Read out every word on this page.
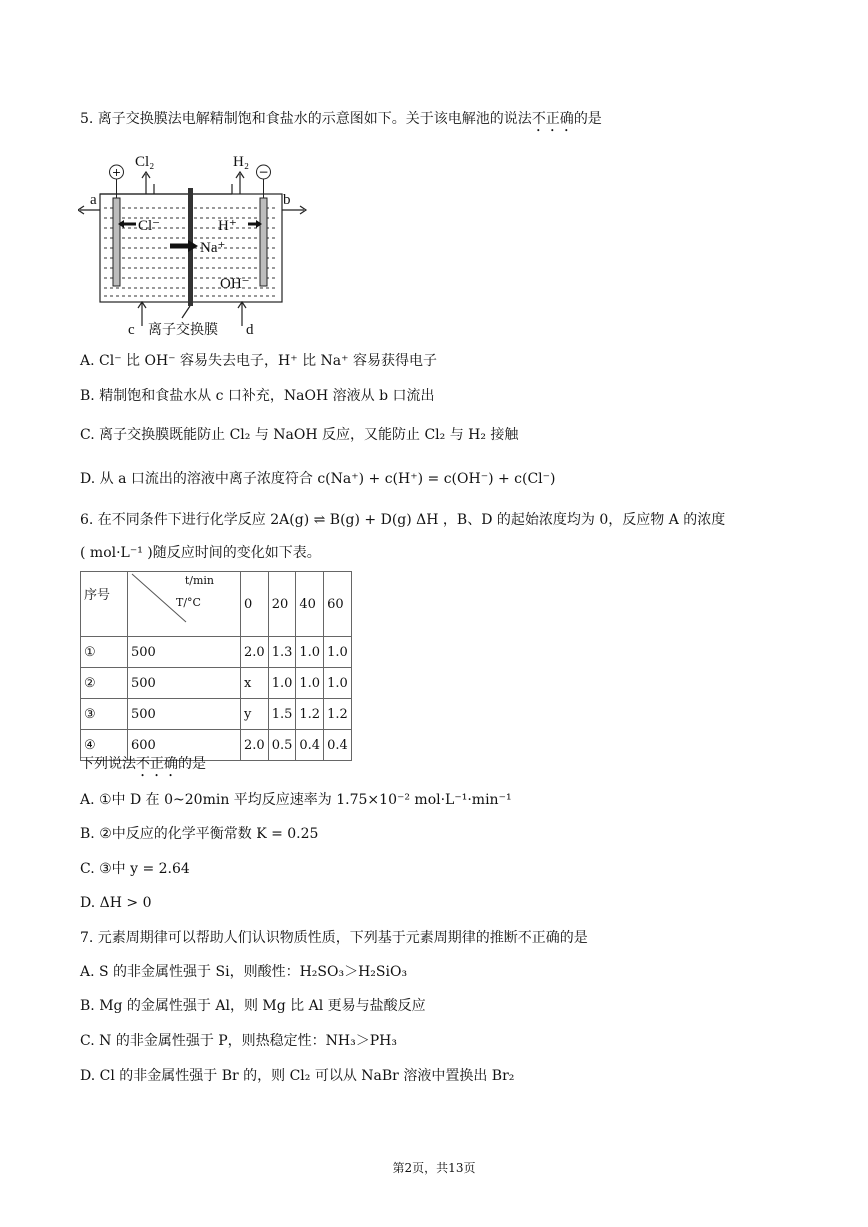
5. 离子交换膜法电解精制饱和食盐水的示意图如下。关于该电解池的说法不正确的是
+	−
Cl₂	H₂
a	b
Cl⁻	H⁺
Na⁺
OH⁻
c	d
离子交换膜
A. Cl⁻ 比 OH⁻ 容易失去电子，H⁺ 比 Na⁺ 容易获得电子
B. 精制饱和食盐水从 c 口补充，NaOH 溶液从 b 口流出
C. 离子交换膜既能防止 Cl₂ 与 NaOH 反应，又能防止 Cl₂ 与 H₂ 接触
D. 从 a 口流出的溶液中离子浓度符合 c(Na⁺) + c(H⁺) = c(OH⁻) + c(Cl⁻)
6. 在不同条件下进行化学反应 2A(g) ⇌ B(g) + D(g) ΔH ，B、D 的起始浓度均为 0，反应物 A 的浓度
( mol·L⁻¹ )随反应时间的变化如下表。
序号	t/min
T/°C	0	20	40	60
①	500	2.0	1.3	1.0	1.0
②	500	x	1.0	1.0	1.0
③	500	y	1.5	1.2	1.2
④	600	2.0	0.5	0.4	0.4
下列说法不正确的是
A. ①中 D 在 0~20min 平均反应速率为 1.75×10⁻² mol·L⁻¹·min⁻¹
B. ②中反应的化学平衡常数 K = 0.25
C. ③中 y = 2.64
D. ΔH > 0
7. 元素周期律可以帮助人们认识物质性质，下列基于元素周期律的推断不正确的是
A. S 的非金属性强于 Si，则酸性：H₂SO₃＞H₂SiO₃
B. Mg 的金属性强于 Al，则 Mg 比 Al 更易与盐酸反应
C. N 的非金属性强于 P，则热稳定性：NH₃＞PH₃
D. Cl 的非金属性强于 Br 的，则 Cl₂ 可以从 NaBr 溶液中置换出 Br₂
第2页，共13页
